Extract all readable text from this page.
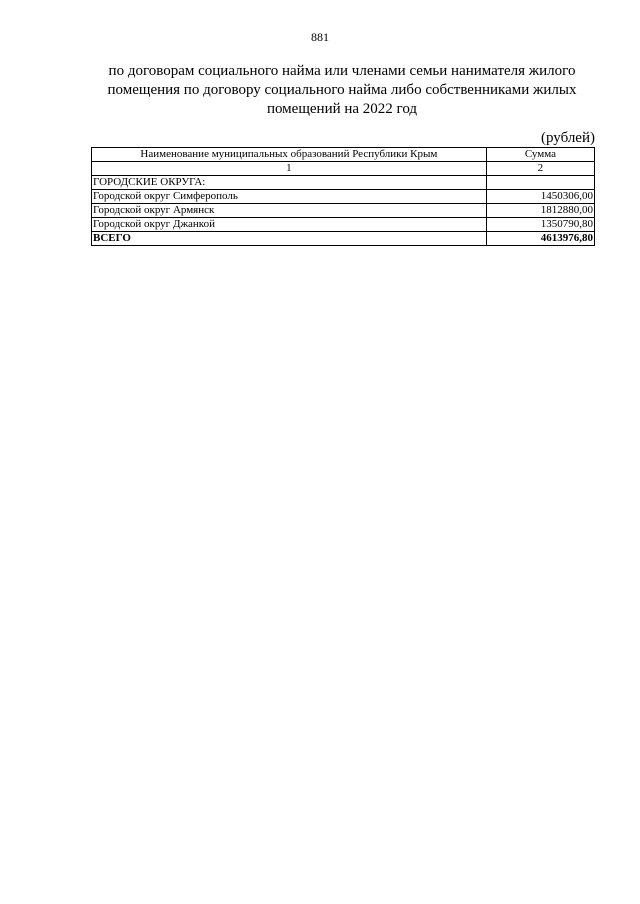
881
по договорам социального найма или членами семьи нанимателя жилого помещения по договору социального найма либо собственниками жилых помещений на 2022 год
(рублей)
Наименование муниципальных образований Республики Крым	Сумма
1	2
ГОРОДСКИЕ ОКРУГА:	
Городской округ Симферополь	1450306,00
Городской округ Армянск	1812880,00
Городской округ Джанкой	1350790,80
ВСЕГО	4613976,80
